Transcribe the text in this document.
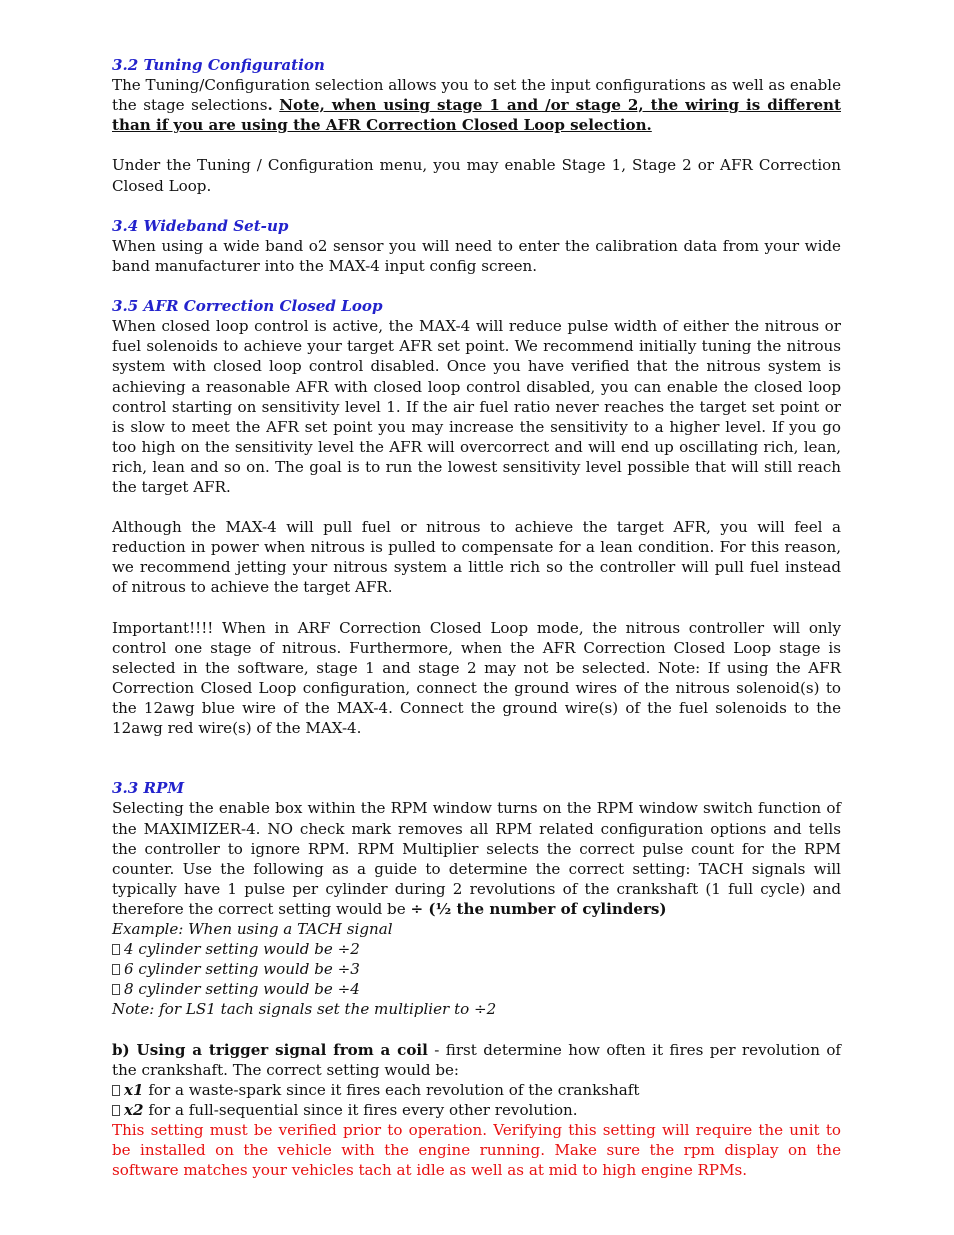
3.2 Tuning Configuration

The Tuning/Configuration selection allows you to set the input configurations as well as enable the stage selections. Note, when using stage 1 and /or stage 2, the wiring is different than if you are using the AFR Correction Closed Loop selection.

Under the Tuning / Configuration menu, you may enable Stage 1, Stage 2 or AFR Correction Closed Loop.

3.4 Wideband Set-up

When using a wide band o2 sensor you will need to enter the calibration data from your wide band manufacturer into the MAX-4 input config screen.

3.5 AFR Correction Closed Loop

When closed loop control is active, the MAX-4 will reduce pulse width of either the nitrous or fuel solenoids to achieve your target AFR set point. We recommend initially tuning the nitrous system with closed loop control disabled. Once you have verified that the nitrous system is achieving a reasonable AFR with closed loop control disabled, you can enable the closed loop control starting on sensitivity level 1. If the air fuel ratio never reaches the target set point or is slow to meet the AFR set point you may increase the sensitivity to a higher level. If you go too high on the sensitivity level the AFR will overcorrect and will end up oscillating rich, lean, rich, lean and so on. The goal is to run the lowest sensitivity level possible that will still reach the target AFR.

Although the MAX-4 will pull fuel or nitrous to achieve the target AFR, you will feel a reduction in power when nitrous is pulled to compensate for a lean condition. For this reason, we recommend jetting your nitrous system a little rich so the controller will pull fuel instead of nitrous to achieve the target AFR.

Important!!!! When in ARF Correction Closed Loop mode, the nitrous controller will only control one stage of nitrous. Furthermore, when the AFR Correction Closed Loop stage is selected in the software, stage 1 and stage 2 may not be selected. Note: If using the AFR Correction Closed Loop configuration, connect the ground wires of the nitrous solenoid(s) to the 12awg blue wire of the MAX-4. Connect the ground wire(s) of the fuel solenoids to the 12awg red wire(s) of the MAX-4.

3.3 RPM

Selecting the enable box within the RPM window turns on the RPM window switch function of the MAXIMIZER-4. NO check mark removes all RPM related configuration options and tells the controller to ignore RPM. RPM Multiplier selects the correct pulse count for the RPM counter. Use the following as a guide to determine the correct setting: TACH signals will typically have 1 pulse per cylinder during 2 revolutions of the crankshaft (1 full cycle) and therefore the correct setting would be ÷ (½ the number of cylinders)

Example: When using a TACH signal

4 cylinder setting would be ÷2

6 cylinder setting would be ÷3

8 cylinder setting would be ÷4

Note: for LS1 tach signals set the multiplier to ÷2

b) Using a trigger signal from a coil - first determine how often it fires per revolution of the crankshaft. The correct setting would be:

x1 for a waste-spark since it fires each revolution of the crankshaft

x2 for a full-sequential since it fires every other revolution.

This setting must be verified prior to operation. Verifying this setting will require the unit to be installed on the vehicle with the engine running. Make sure the rpm display on the software matches your vehicles tach at idle as well as at mid to high engine RPMs.
